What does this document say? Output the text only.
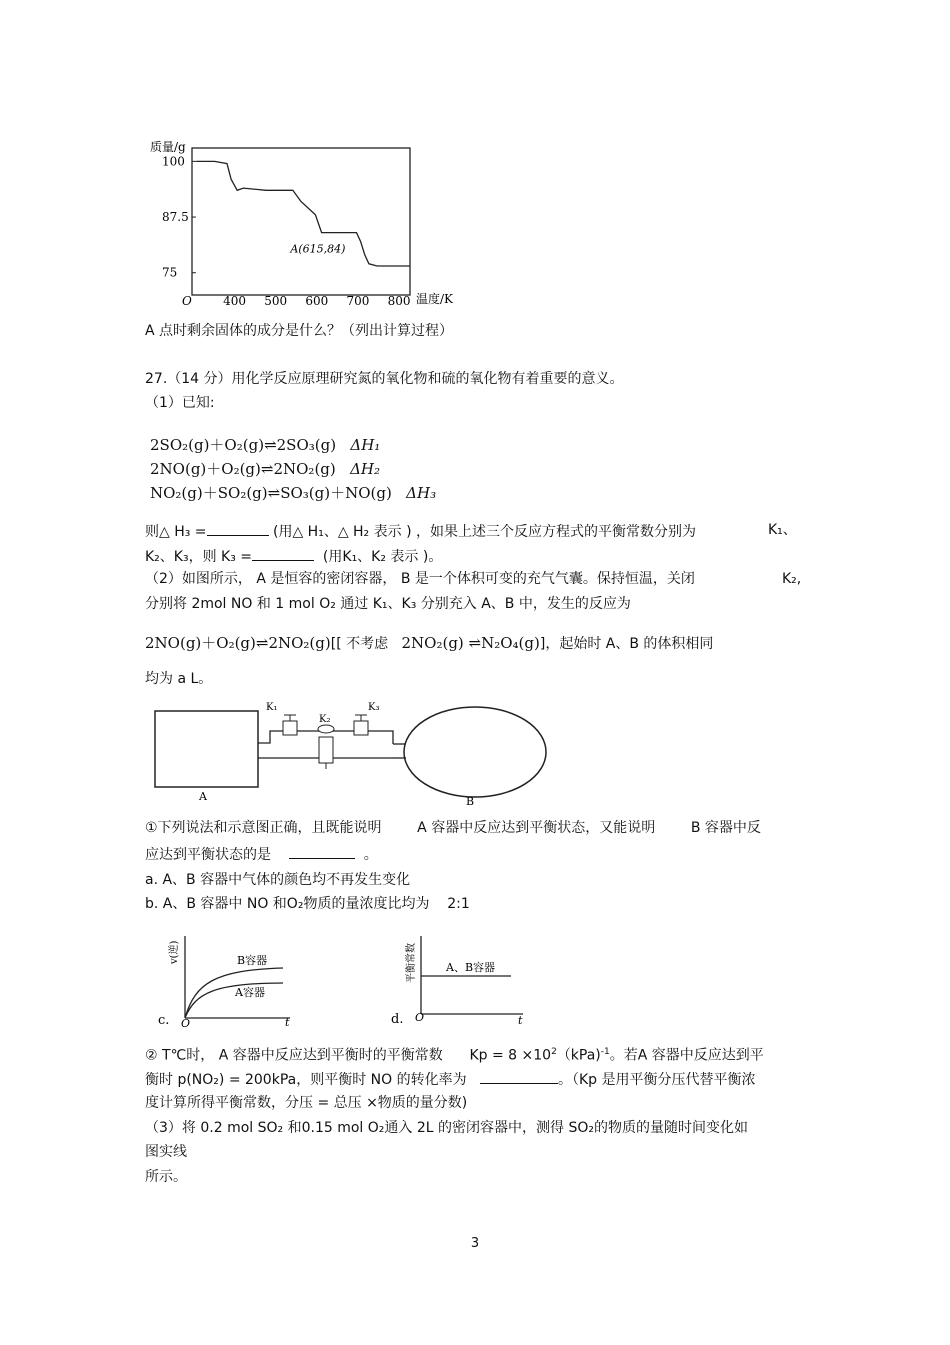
质量/g
温度/K
O
100
87.5
75
400 500 600 700 800
A(615,84)
A 点时剩余固体的成分是什么？（列出计算过程）
27.（14 分）用化学反应原理研究氮的氧化物和硫的氧化物有着重要的意义。
（1）已知:
2SO₂(g)＋O₂(g)⇌2SO₃(g) ΔH₁
2NO(g)＋O₂(g)⇌2NO₂(g) ΔH₂
NO₂(g)＋SO₂(g)⇌SO₃(g)＋NO(g) ΔH₃
则△ H₃ =	(用△ H₁、△ H₂ 表示 ) ，如果上述三个反应方程式的平衡常数分别为	K₁、
K₂、K₃，则 K₃ =	(用K₁、K₂ 表示 )。
（2）如图所示， A 是恒容的密闭容器， B 是一个体积可变的充气气囊。保持恒温，关闭	K₂,
分别将 2mol NO 和 1 mol O₂ 通过 K₁、K₃ 分别充入 A、B 中，发生的反应为
2NO(g)＋O₂(g)⇌2NO₂(g)[[ 不考虑 2NO₂(g) ⇌N₂O₄(g)]，起始时 A、B 的体积相同
均为 a L。
K₁
K₂
K₃
A	B
①下列说法和示意图正确，且既能说明	A 容器中反应达到平衡状态，又能说明	B 容器中反
应达到平衡状态的是	。
a. A、B 容器中气体的颜色均不再发生变化
b. A、B 容器中 NO 和O₂物质的量浓度比均为 2:1
v(逆)	B容器
A容器
t
O
c.
平衡常数	A、B容器
t
O
d.
② T℃时， A 容器中反应达到平衡时的平衡常数 $Kp = 8 \times 10^2(kPa)^{-1}$。若A 容器中反应达到平
衡时 p(NO₂) = 200kPa，则平衡时 NO 的转化率为	。（Kp 是用平衡分压代替平衡浓
度计算所得平衡常数，分压 = 总压 ×物质的量分数)
（3）将 0.2 mol SO₂ 和0.15 mol O₂通入 2L 的密闭容器中，测得 SO₂的物质的量随时间变化如
图实线
所示。
3
